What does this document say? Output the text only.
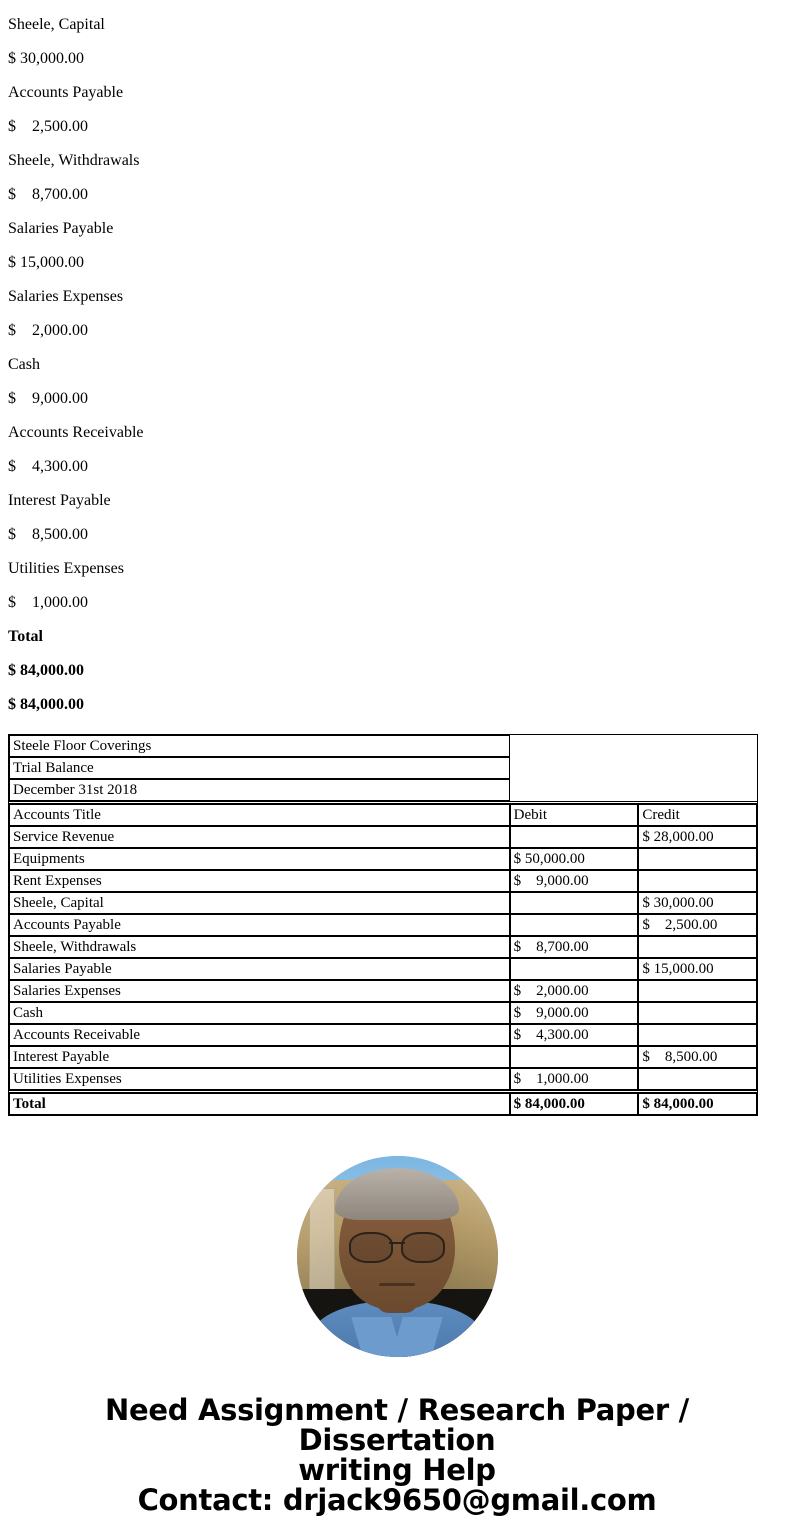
Sheele, Capital
$ 30,000.00
Accounts Payable
$    2,500.00
Sheele, Withdrawals
$    8,700.00
Salaries Payable
$ 15,000.00
Salaries Expenses
$    2,000.00
Cash
$    9,000.00
Accounts Receivable
$    4,300.00
Interest Payable
$    8,500.00
Utilities Expenses
$    1,000.00
Total
$ 84,000.00
$ 84,000.00
Steele Floor Coverings		
Trial Balance		
December 31st 2018		

Accounts Title	Debit	Credit
Service Revenue		$ 28,000.00
Equipments	$ 50,000.00	
Rent Expenses	$    9,000.00	
Sheele, Capital		$ 30,000.00
Accounts Payable		$    2,500.00
Sheele, Withdrawals	$    8,700.00	
Salaries Payable		$ 15,000.00
Salaries Expenses	$    2,000.00	
Cash	$    9,000.00	
Accounts Receivable	$    4,300.00	
Interest Payable		$    8,500.00
Utilities Expenses	$    1,000.00	

Total	$ 84,000.00	$ 84,000.00
Need Assignment / Research Paper / Dissertation
writing Help
Contact: drjack9650@gmail.com
